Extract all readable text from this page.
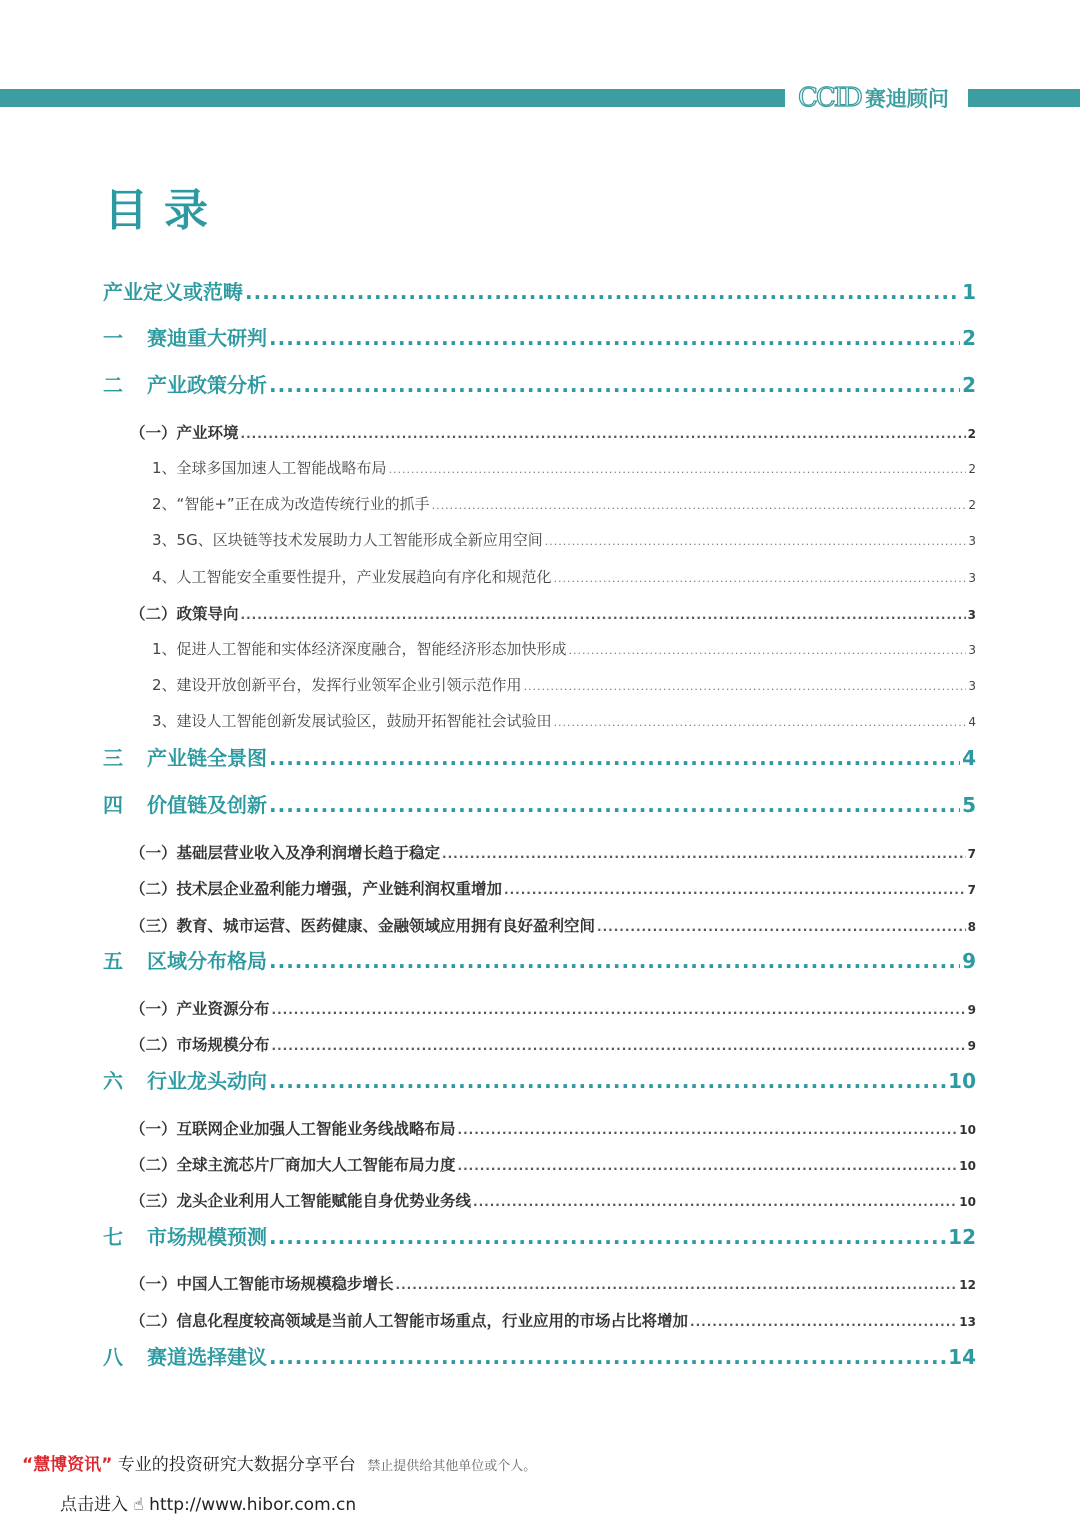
CCID 赛迪顾问
目录
产业定义或范畴 .....	1
一	赛迪重大研判 .....	2
二	产业政策分析 .....	2
（一） 产业环境 .....	2
1、 全球多国加速人工智能战略布局 .....	2
2、 “智能+”正在成为改造传统行业的抓手 .....	2
3、 5G、区块链等技术发展助力人工智能形成全新应用空间 .....	3
4、 人工智能安全重要性提升，产业发展趋向有序化和规范化 .....	3
（二） 政策导向 .....	3
1、 促进人工智能和实体经济深度融合，智能经济形态加快形成 .....	3
2、 建设开放创新平台，发挥行业领军企业引领示范作用 .....	3
3、 建设人工智能创新发展试验区，鼓励开拓智能社会试验田 .....	4
三	产业链全景图 .....	4
四	价值链及创新 .....	5
（一） 基础层营业收入及净利润增长趋于稳定 .....	7
（二） 技术层企业盈利能力增强，产业链利润权重增加 .....	7
（三） 教育、城市运营、医药健康、金融领域应用拥有良好盈利空间 .....	8
五	区域分布格局 .....	9
（一） 产业资源分布 .....	9
（二） 市场规模分布 .....	9
六	行业龙头动向 .....	10
（一） 互联网企业加强人工智能业务线战略布局 .....	10
（二） 全球主流芯片厂商加大人工智能布局力度 .....	10
（三） 龙头企业利用人工智能赋能自身优势业务线 .....	10
七	市场规模预测 .....	12
（一） 中国人工智能市场规模稳步增长 .....	12
（二） 信息化程度较高领域是当前人工智能市场重点，行业应用的市场占比将增加 .....	13
八	赛道选择建议 .....	14
“慧博资讯” 专业的投资研究大数据分享平台 禁止提供给其他单位或个人。
点击进入 ☝ http://www.hibor.com.cn
